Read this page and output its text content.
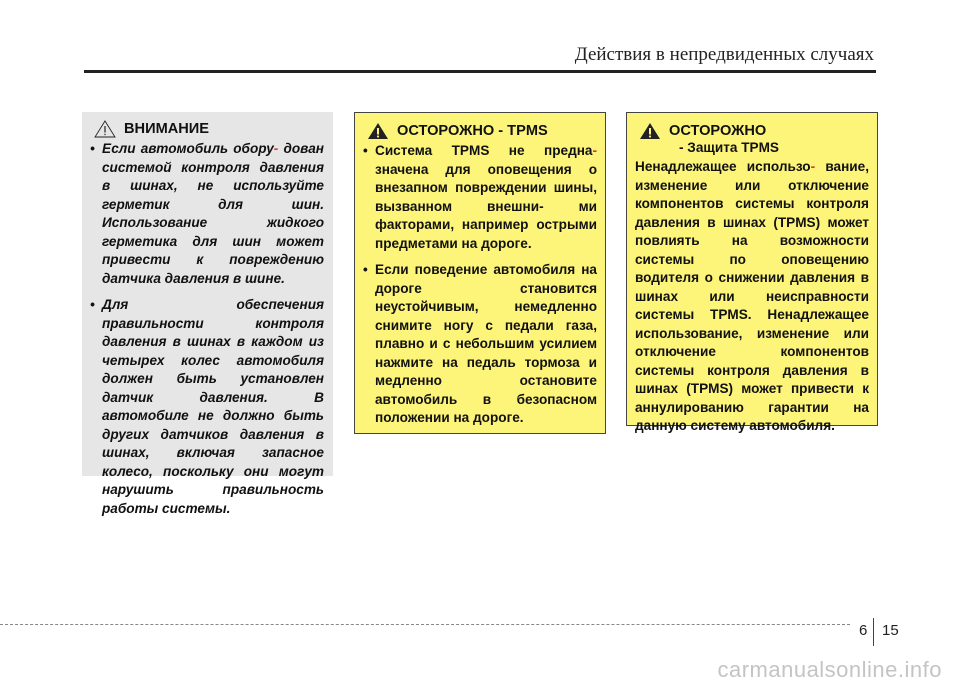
Действия в непредвиденных случаях
ВНИМАНИЕ
• Если автомобиль обору- дован системой контроля давления в шинах, не используйте герметик для шин. Использование жидкого герметика для шин может привести к повреждению датчика давления в шине.
• Для обеспечения правильности контроля давления в шинах в каждом из четырех колес автомобиля должен быть установлен датчик давления. В автомобиле не должно быть других датчиков давления в шинах, включая запасное колесо, поскольку они могут нарушить правильность работы системы.
ОСТОРОЖНО - TPMS
• Система TPMS не предна- значена для оповещения о внезапном повреждении шины, вызванном внешни- ми факторами, например острыми предметами на дороге.
• Если поведение автомобиля на дороге становится неустойчивым, немедленно снимите ногу с педали газа, плавно и с небольшим усилием нажмите на педаль тормоза и медленно остановите автомобиль в безопасном положении на дороге.
ОСТОРОЖНО
- Защита TPMS
Ненадлежащее использо- вание, изменение или отключение компонентов системы контроля давления в шинах (TPMS) может повлиять на возможности системы по оповещению водителя о снижении давления в шинах или неисправности системы TPMS. Ненадлежащее использование, изменение или отключение компонентов системы контроля давления в шинах (TPMS) может привести к аннулированию гарантии на данную систему автомобиля.
6 15
carmanualsonline.info
